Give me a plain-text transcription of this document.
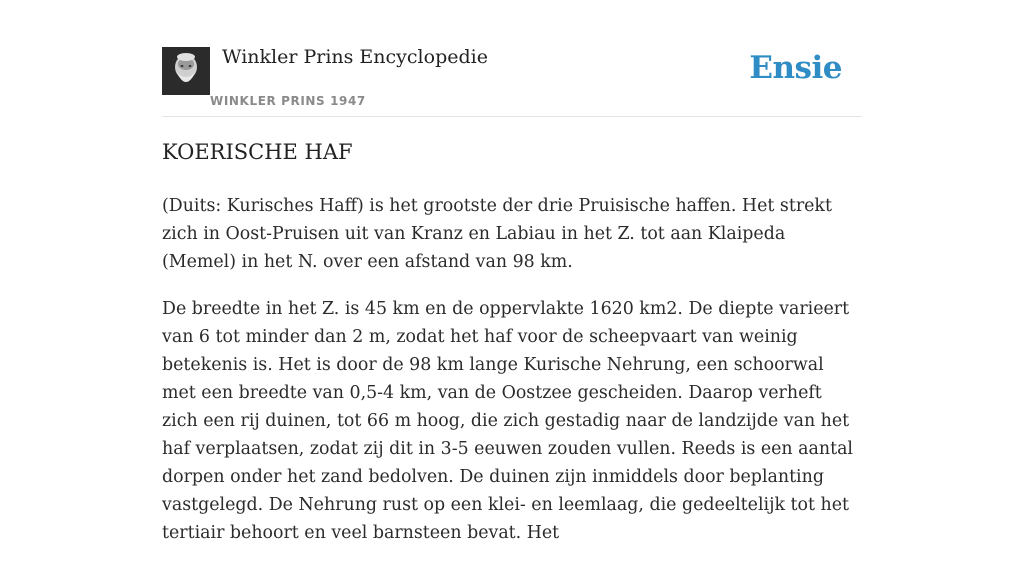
Winkler Prins Encyclopedie
WINKLER PRINS 1947
Ensie
KOERISCHE HAF

(Duits: Kurisches Haff) is het grootste der drie Pruisische haffen. Het strekt zich in Oost-Pruisen uit van Kranz en Labiau in het Z. tot aan Klaipeda (Memel) in het N. over een afstand van 98 km.

De breedte in het Z. is 45 km en de oppervlakte 1620 km2. De diepte varieert van 6 tot minder dan 2 m, zodat het haf voor de scheepvaart van weinig betekenis is. Het is door de 98 km lange Kurische Nehrung, een schoorwal met een breedte van 0,5-4 km, van de Oostzee gescheiden. Daarop verheft zich een rij duinen, tot 66 m hoog, die zich gestadig naar de landzijde van het haf verplaatsen, zodat zij dit in 3-5 eeuwen zouden vullen. Reeds is een aantal dorpen onder het zand bedolven. De duinen zijn inmiddels door beplanting vastgelegd. De Nehrung rust op een klei- en leemlaag, die gedeeltelijk tot het tertiair behoort en veel barnsteen bevat. Het
